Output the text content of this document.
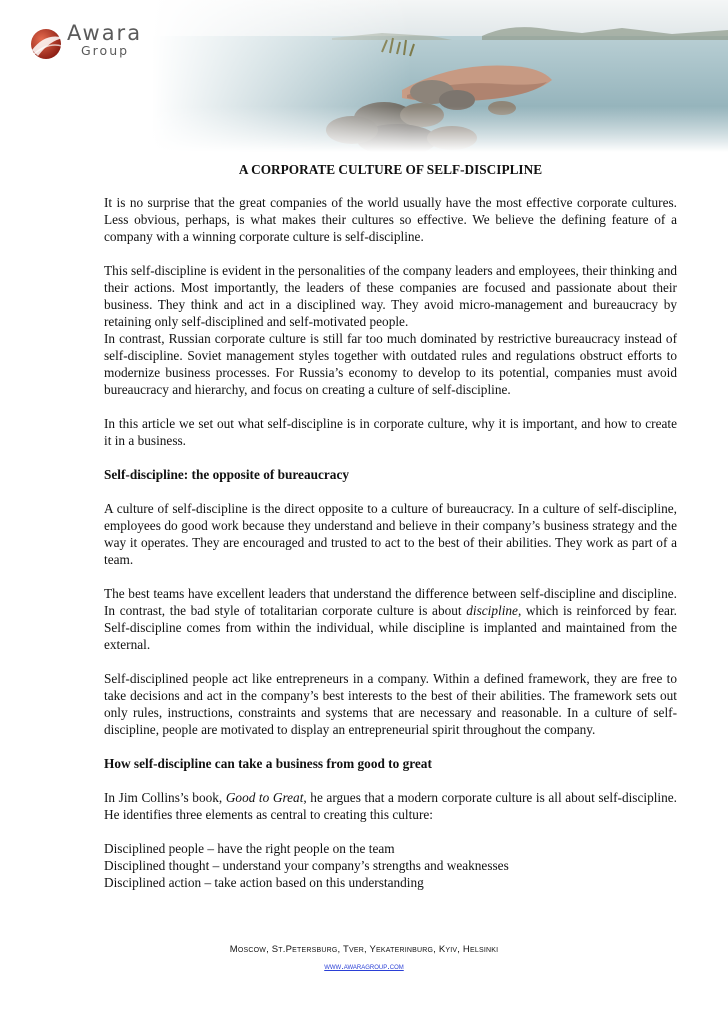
Awara
Group
A CORPORATE CULTURE OF SELF-DISCIPLINE

It is no surprise that the great companies of the world usually have the most effective corporate cultures. Less obvious, perhaps, is what makes their cultures so effective. We believe the defining feature of a company with a winning corporate culture is self-discipline.

This self-discipline is evident in the personalities of the company leaders and employees, their thinking and their actions. Most importantly, the leaders of these companies are focused and passionate about their business. They think and act in a disciplined way. They avoid micro-management and bureaucracy by retaining only self-disciplined and self-motivated people.

In contrast, Russian corporate culture is still far too much dominated by restrictive bureaucracy instead of self-discipline. Soviet management styles together with outdated rules and regulations obstruct efforts to modernize business processes. For Russia’s economy to develop to its potential, companies must avoid bureaucracy and hierarchy, and focus on creating a culture of self-discipline.

In this article we set out what self-discipline is in corporate culture, why it is important, and how to create it in a business.

Self-discipline: the opposite of bureaucracy

A culture of self-discipline is the direct opposite to a culture of bureaucracy. In a culture of self-discipline, employees do good work because they understand and believe in their company’s business strategy and the way it operates. They are encouraged and trusted to act to the best of their abilities. They work as part of a team.

The best teams have excellent leaders that understand the difference between self-discipline and discipline. In contrast, the bad style of totalitarian corporate culture is about discipline, which is reinforced by fear. Self-discipline comes from within the individual, while discipline is implanted and maintained from the external.

Self-disciplined people act like entrepreneurs in a company. Within a defined framework, they are free to take decisions and act in the company’s best interests to the best of their abilities. The framework sets out only rules, instructions, constraints and systems that are necessary and reasonable. In a culture of self-discipline, people are motivated to display an entrepreneurial spirit throughout the company.

How self-discipline can take a business from good to great

In Jim Collins’s book, Good to Great, he argues that a modern corporate culture is all about self-discipline. He identifies three elements as central to creating this culture:

Disciplined people – have the right people on the team
Disciplined thought – understand your company’s strengths and weaknesses
Disciplined action – take action based on this understanding
Moscow, St.Petersburg, Tver, Yekaterinburg, Kyiv, Helsinki
www.awaragroup.com
